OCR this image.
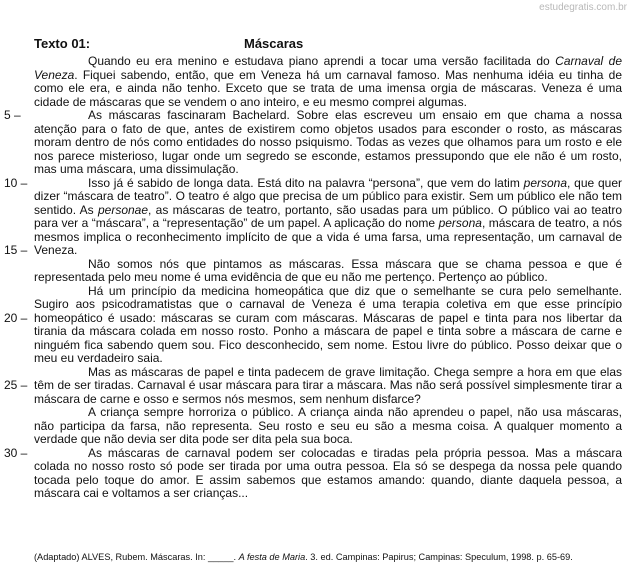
estudegratis.com.br
Texto 01:	Máscaras
5 –
10 –
15 –
20 –
25 –
30 –

Quando eu era menino e estudava piano aprendi a tocar uma versão facilitada do Carnaval de Veneza. Fiquei sabendo, então, que em Veneza há um carnaval famoso. Mas nenhuma idéia eu tinha de como ele era, e ainda não tenho. Exceto que se trata de uma imensa orgia de máscaras. Veneza é uma cidade de máscaras que se vendem o ano inteiro, e eu mesmo comprei algumas.

As máscaras fascinaram Bachelard. Sobre elas escreveu um ensaio em que chama a nossa atenção para o fato de que, antes de existirem como objetos usados para esconder o rosto, as máscaras moram dentro de nós como entidades do nosso psiquismo. Todas as vezes que olhamos para um rosto e ele nos parece misterioso, lugar onde um segredo se esconde, estamos pressupondo que ele não é um rosto, mas uma máscara, uma dissimulação.

Isso já é sabido de longa data. Está dito na palavra “persona”, que vem do latim persona, que quer dizer “máscara de teatro”. O teatro é algo que precisa de um público para existir. Sem um público ele não tem sentido. As personae, as máscaras de teatro, portanto, são usadas para um público. O público vai ao teatro para ver a “máscara”, a “representação” de um papel. A aplicação do nome persona, máscara de teatro, a nós mesmos implica o reconhecimento implícito de que a vida é uma farsa, uma representação, um carnaval de Veneza.

Não somos nós que pintamos as máscaras. Essa máscara que se chama pessoa e que é representada pelo meu nome é uma evidência de que eu não me pertenço. Pertenço ao público.

Há um princípio da medicina homeopática que diz que o semelhante se cura pelo semelhante. Sugiro aos psicodramatistas que o carnaval de Veneza é uma terapia coletiva em que esse princípio homeopático é usado: máscaras se curam com máscaras. Máscaras de papel e tinta para nos libertar da tirania da máscara colada em nosso rosto. Ponho a máscara de papel e tinta sobre a máscara de carne e ninguém fica sabendo quem sou. Fico desconhecido, sem nome. Estou livre do público. Posso deixar que o meu eu verdadeiro saia.

Mas as máscaras de papel e tinta padecem de grave limitação. Chega sempre a hora em que elas têm de ser tiradas. Carnaval é usar máscara para tirar a máscara. Mas não será possível simplesmente tirar a máscara de carne e osso e sermos nós mesmos, sem nenhum disfarce?

A criança sempre horroriza o público. A criança ainda não aprendeu o papel, não usa máscaras, não participa da farsa, não representa. Seu rosto e seu eu são a mesma coisa. A qualquer momento a verdade que não devia ser dita pode ser dita pela sua boca.

As máscaras de carnaval podem ser colocadas e tiradas pela própria pessoa. Mas a máscara colada no nosso rosto só pode ser tirada por uma outra pessoa. Ela só se despega da nossa pele quando tocada pelo toque do amor. E assim sabemos que estamos amando: quando, diante daquela pessoa, a máscara cai e voltamos a ser crianças...

(Adaptado) ALVES, Rubem. Máscaras. In: _____. A festa de Maria. 3. ed. Campinas: Papirus; Campinas: Speculum, 1998. p. 65-69.
